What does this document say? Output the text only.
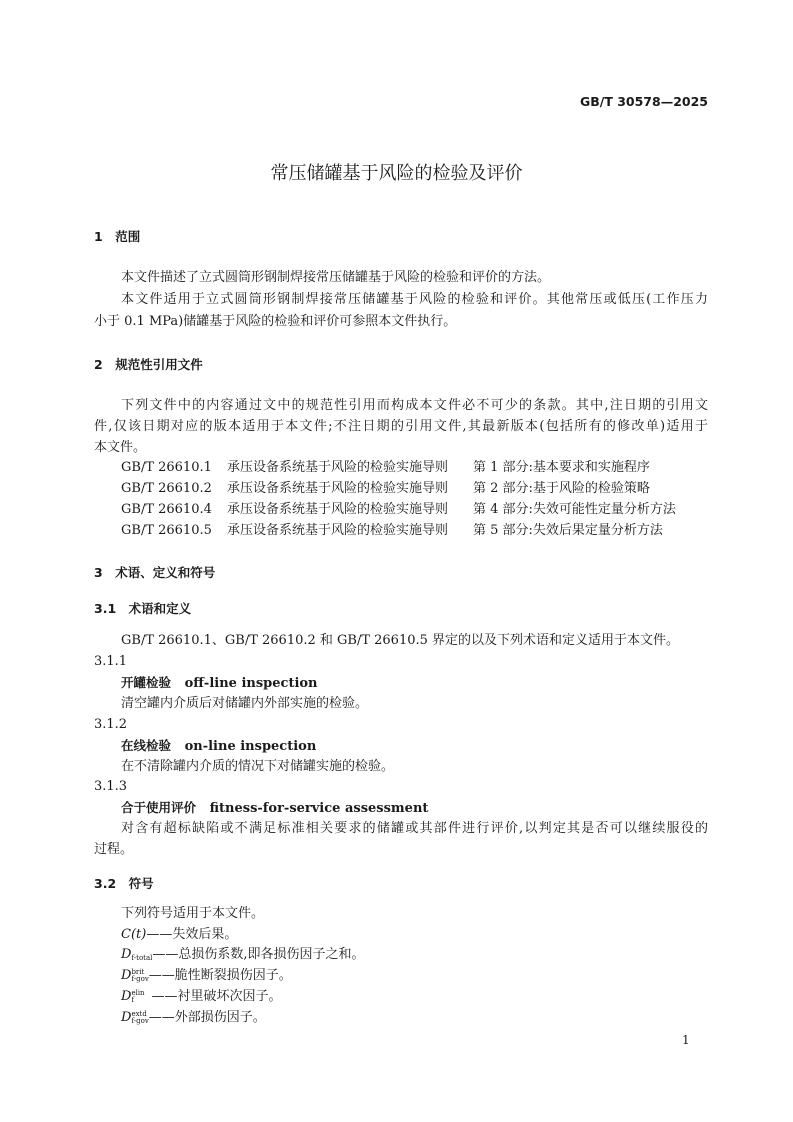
GB/T 30578—2025
常压储罐基于风险的检验及评价
1　范围
本文件描述了立式圆筒形钢制焊接常压储罐基于风险的检验和评价的方法。
本文件适用于立式圆筒形钢制焊接常压储罐基于风险的检验和评价。其他常压或低压(工作压力
小于 0.1 MPa)储罐基于风险的检验和评价可参照本文件执行。
2　规范性引用文件
下列文件中的内容通过文中的规范性引用而构成本文件必不可少的条款。其中,注日期的引用文
件,仅该日期对应的版本适用于本文件;不注日期的引用文件,其最新版本(包括所有的修改单)适用于
本文件。
GB/T 26610.1 承压设备系统基于风险的检验实施导则 第 1 部分:基本要求和实施程序
GB/T 26610.2 承压设备系统基于风险的检验实施导则 第 2 部分:基于风险的检验策略
GB/T 26610.4 承压设备系统基于风险的检验实施导则 第 4 部分:失效可能性定量分析方法
GB/T 26610.5 承压设备系统基于风险的检验实施导则 第 5 部分:失效后果定量分析方法
3　术语、定义和符号
3.1　术语和定义
GB/T 26610.1、GB/T 26610.2 和 GB/T 26610.5 界定的以及下列术语和定义适用于本文件。
3.1.1
开罐检验 off-line inspection
清空罐内介质后对储罐内外部实施的检验。
3.1.2
在线检验 on-line inspection
在不清除罐内介质的情况下对储罐实施的检验。
3.1.3
合于使用评价 fitness-for-service assessment
对含有超标缺陷或不满足标准相关要求的储罐或其部件进行评价,以判定其是否可以继续服役的
过程。
3.2　符号
下列符号适用于本文件。
C(t)——失效后果。
D
f-total——总损伤系数,即各损伤因子之和。
Dbrit
f-gov——脆性断裂损伤因子。
Delin
f ——衬里破坏次因子。
Dextd
f-gov——外部损伤因子。
1
